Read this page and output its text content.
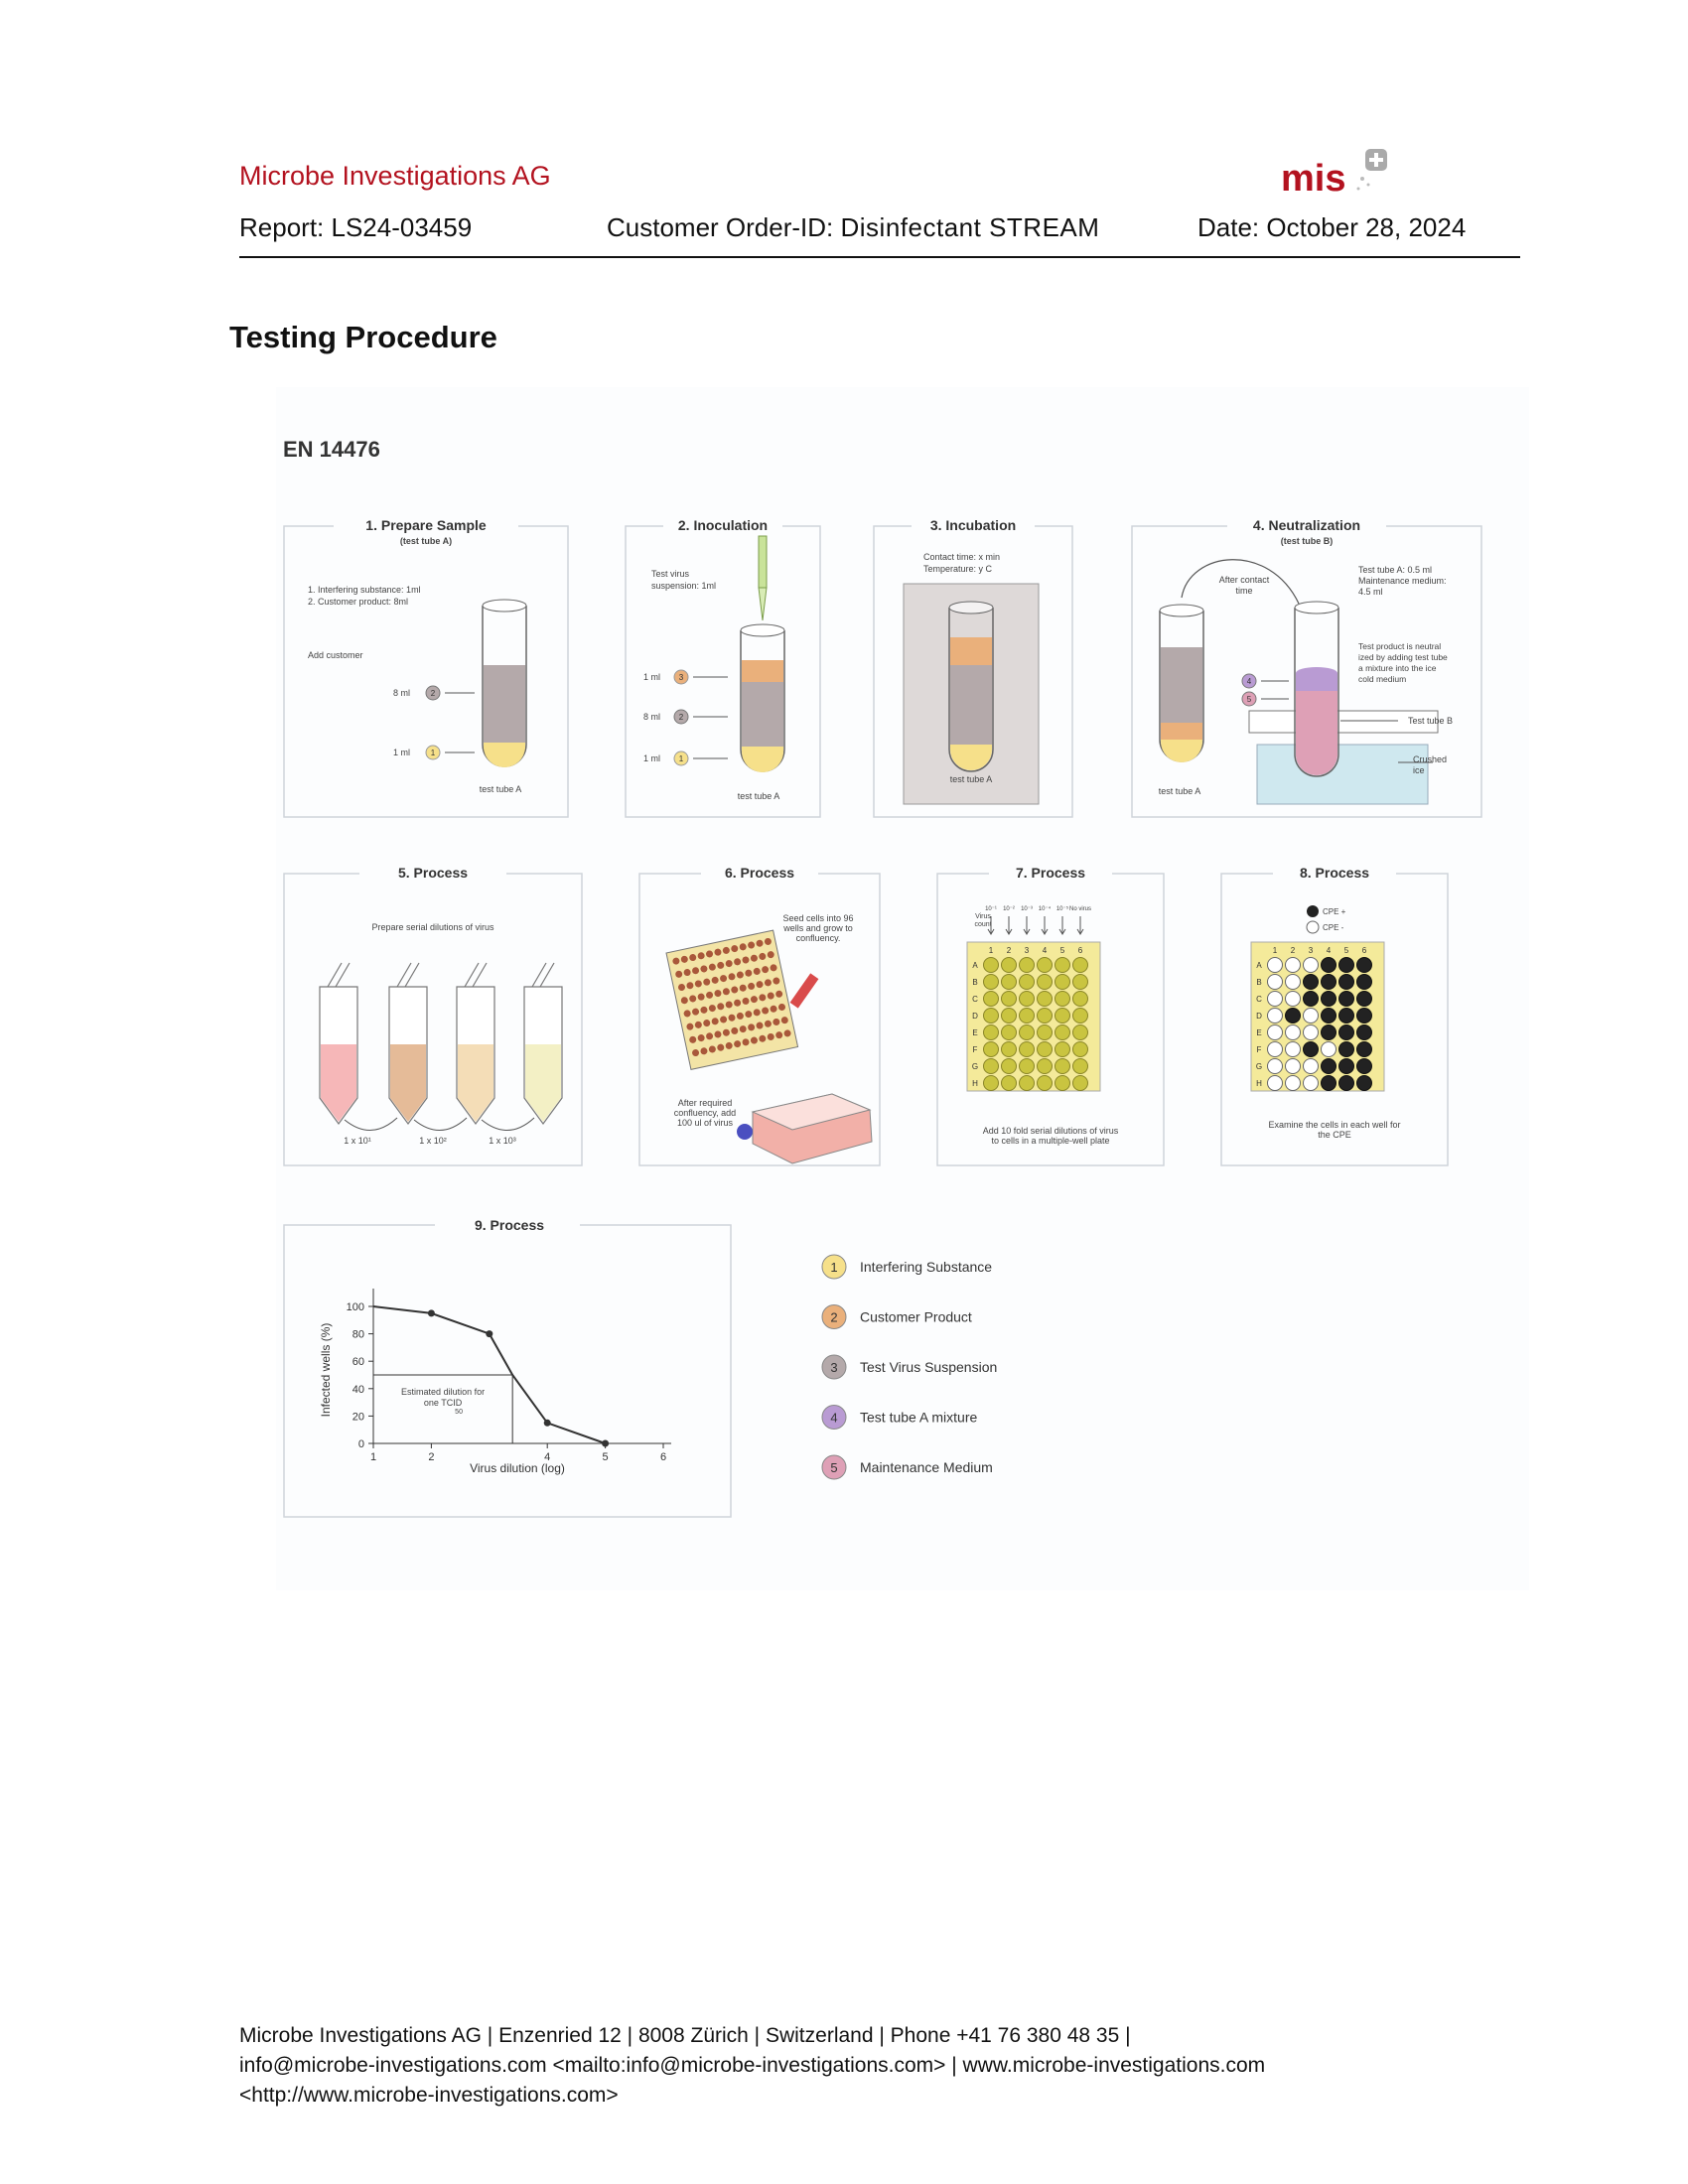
Microbe Investigations AG	mis
Report: LS24-03459	Customer Order-ID: Disinfectant STREAM	Date: October 28, 2024
Testing Procedure
EN 14476
1. Prepare Sample
(test tube A)
1. Interfering substance: 1ml
2. Customer product: 8ml
Add customer
8 ml	2
1 ml	1
test tube A
2. Inoculation
Test virus
suspension: 1ml
1 ml 3
8 ml 2
1 ml 1
test tube A
3. Incubation
Contact time: x min
Temperature: y C
test tube A
4. Neutralization
(test tube B)
After contact
time
Test tube A: 0.5 ml
Maintenance medium:
4.5 ml
Test product is neutral
ized by adding test tube
a mixture into the ice
cold medium
test tube A
4
5
Test tube B
Crushed
ice
5. Process
Prepare serial dilutions of virus
1 x 10¹	1 x 10²	1 x 10³
6. Process
Seed cells into 96
wells and grow to
confluency.
After required
confluency, add
100 ul of virus
7. Process
Virus
count
1 2 3 4 5 6
A
B
C
D
E
F
G
H
10⁻¹ 10⁻² 10⁻³ 10⁻⁴ 10⁻⁵ No virus
Add 10 fold serial dilutions of virus
to cells in a multiple-well plate
8. Process
CPE +
CPE -
1 2 3 4 5 6
A
B
C
D
E
F
G
H
Examine the cells in each well for
the CPE
9. Process
0
20
40
60
80
100
1	2	4	5	6
Estimated dilution for
one TCID
50
Virus dilution (log)
Infected wells (%)
1 Interfering Substance
2 Customer Product
3 Test Virus Suspension
4 Test tube A mixture
5 Maintenance Medium
Microbe Investigations AG | Enzenried 12 | 8008 Zürich | Switzerland | Phone +41 76 380 48 35 |
info@microbe-investigations.com <mailto:info@microbe-investigations.com> | www.microbe-investigations.com
<http://www.microbe-investigations.com>
